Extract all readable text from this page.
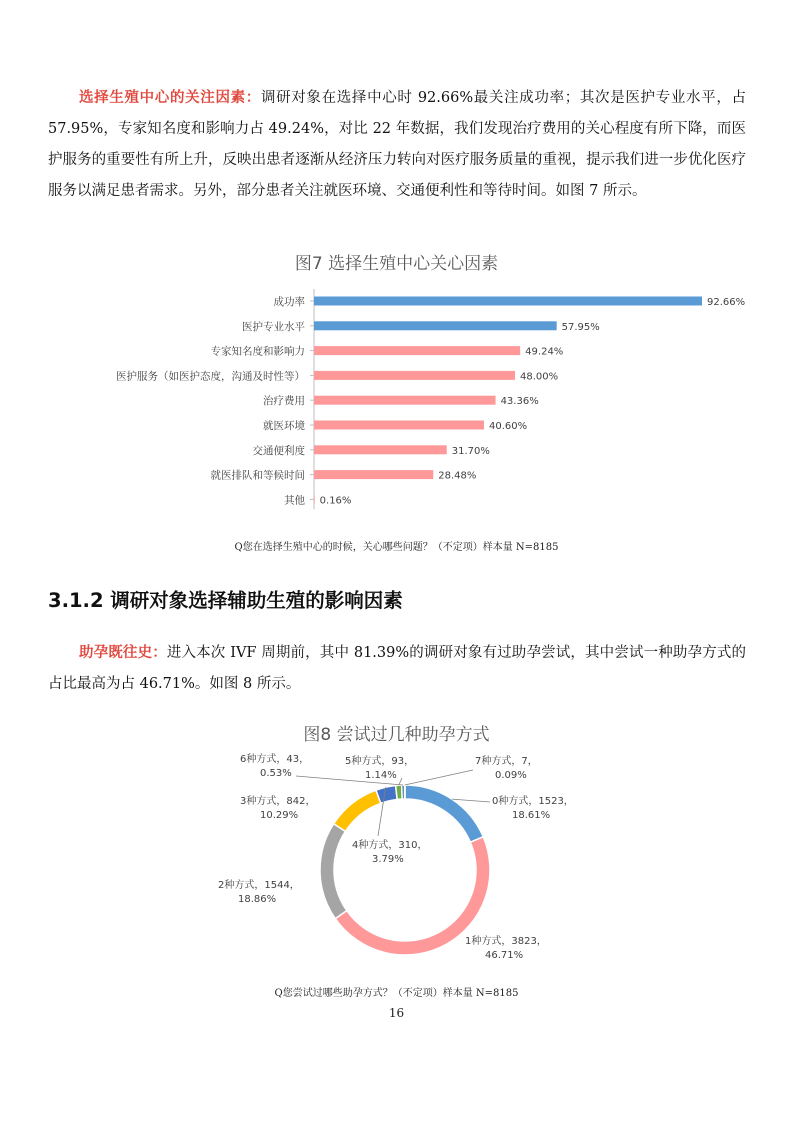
选择生殖中心的关注因素：调研对象在选择中心时 92.66%最关注成功率；其次是医护专业水平，占 57.95%，专家知名度和影响力占 49.24%，对比 22 年数据，我们发现治疗费用的关心程度有所下降，而医护服务的重要性有所上升，反映出患者逐渐从经济压力转向对医疗服务质量的重视，提示我们进一步优化医疗服务以满足患者需求。另外，部分患者关注就医环境、交通便利性和等待时间。如图 7 所示。

图7 选择生殖中心关心因素
成功率	92.66%
医护专业水平	57.95%
专家知名度和影响力	49.24%
医护服务（如医护态度，沟通及时性等）	48.00%
治疗费用	43.36%
就医环境	40.60%
交通便利度	31.70%
就医排队和等候时间	28.48%
其他 0.16%
Q您在选择生殖中心的时候，关心哪些问题？（不定项）样本量 N=8185
3.1.2 调研对象选择辅助生殖的影响因素

助孕既往史：进入本次 IVF 周期前，其中 81.39%的调研对象有过助孕尝试，其中尝试一种助孕方式的占比最高为占 46.71%。如图 8 所示。

图8 尝试过几种助孕方式
0种方式，1523，
18.61%
1种方式，3823，
46.71%
2种方式，1544，
18.86%
3种方式，842，
10.29%
4种方式，310，
3.79%
5种方式，93，
1.14%
6种方式，43，
0.53%
7种方式，7，
0.09%
Q您尝试过哪些助孕方式？（不定项）样本量 N=8185
16
